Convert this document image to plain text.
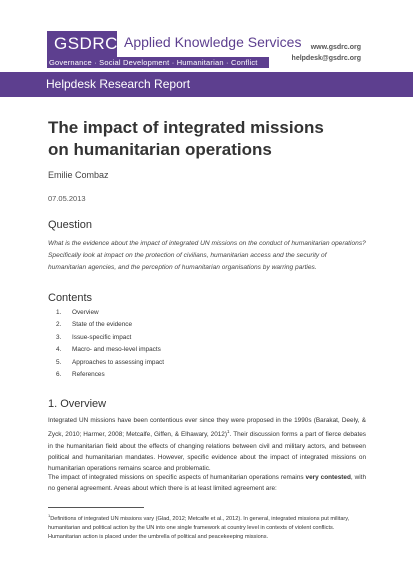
GSDRC Applied Knowledge Services
Governance · Social Development · Humanitarian · Conflict
www.gsdrc.org
helpdesk@gsdrc.org
Helpdesk Research Report
The impact of integrated missions
on humanitarian operations
Emilie Combaz
07.05.2013
Question
What is the evidence about the impact of integrated UN missions on the conduct of humanitarian operations? Specifically look at impact on the protection of civilians, humanitarian access and the security of humanitarian agencies, and the perception of humanitarian organisations by warring parties.
Contents
1.	Overview
2.	State of the evidence
3.	Issue-specific impact
4.	Macro- and meso-level impacts
5.	Approaches to assessing impact
6.	References
1. Overview
Integrated UN missions have been contentious ever since they were proposed in the 1990s (Barakat, Deely, & Zyck, 2010; Harmer, 2008; Metcalfe, Giffen, & Elhawary, 2012)$^1$. Their discussion forms a part of fierce debates in the humanitarian field about the effects of changing relations between civil and military actors, and between political and humanitarian mandates. However, specific evidence about the impact of integrated missions on humanitarian operations remains scarce and problematic.
The impact of integrated missions on specific aspects of humanitarian operations remains very contested, with no general agreement. Areas about which there is at least limited agreement are:
$^1$Definitions of integrated UN missions vary (Glad, 2012; Metcalfe et al., 2012). In general, integrated missions put military, humanitarian and political action by the UN into one single framework at country level in contexts of violent conflicts. Humanitarian action is placed under the umbrella of political and peacekeeping missions.
